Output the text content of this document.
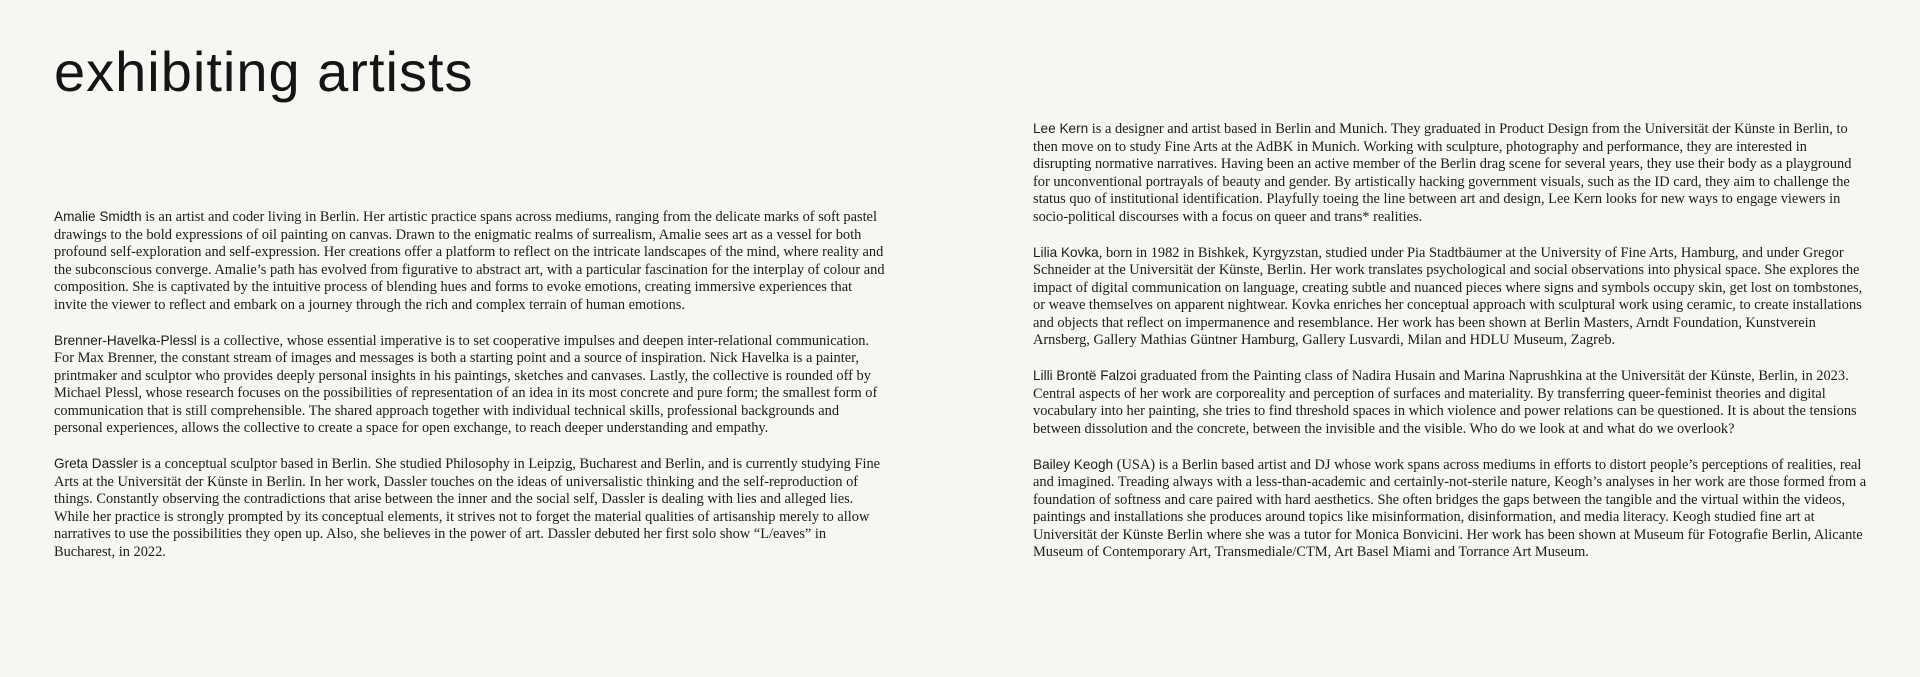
exhibiting artists

Amalie Smidth is an artist and coder living in Berlin. Her artistic practice spans across mediums, ranging from the delicate marks of soft pastel drawings to the bold expressions of oil painting on canvas. Drawn to the enigmatic realms of surrealism, Amalie sees art as a vessel for both profound self-exploration and self-expression. Her creations offer a platform to reflect on the intricate landscapes of the mind, where reality and the subconscious converge. Amalie’s path has evolved from figurative to abstract art, with a particular fascination for the interplay of colour and composition. She is captivated by the intuitive process of blending hues and forms to evoke emotions, creating immersive experiences that invite the viewer to reflect and embark on a journey through the rich and complex terrain of human emotions.

Brenner-Havelka-Plessl is a collective, whose essential imperative is to set cooperative impulses and deepen inter-relational communication. For Max Brenner, the constant stream of images and messages is both a starting point and a source of inspiration. Nick Havelka is a painter, printmaker and sculptor who provides deeply personal insights in his paintings, sketches and canvases. Lastly, the collective is rounded off by Michael Plessl, whose research focuses on the possibilities of representation of an idea in its most concrete and pure form; the smallest form of communication that is still comprehensible. The shared approach together with individual technical skills, professional backgrounds and personal experiences, allows the collective to create a space for open exchange, to reach deeper understanding and empathy.

Greta Dassler is a conceptual sculptor based in Berlin. She studied Philosophy in Leipzig, Bucharest and Berlin, and is currently studying Fine Arts at the Universität der Künste in Berlin. In her work, Dassler touches on the ideas of universalistic thinking and the self-reproduction of things. Constantly observing the contradictions that arise between the inner and the social self, Dassler is dealing with lies and alleged lies. While her practice is strongly prompted by its conceptual elements, it strives not to forget the material qualities of artisanship merely to allow narratives to use the possibilities they open up. Also, she believes in the power of art. Dassler debuted her first solo show “L/eaves” in Bucharest, in 2022.

Lee Kern is a designer and artist based in Berlin and Munich. They graduated in Product Design from the Universität der Künste in Berlin, to then move on to study Fine Arts at the AdBK in Munich. Working with sculpture, photography and performance, they are interested in disrupting normative narratives. Having been an active member of the Berlin drag scene for several years, they use their body as a playground for unconventional portrayals of beauty and gender. By artistically hacking government visuals, such as the ID card, they aim to challenge the status quo of institutional identification. Playfully toeing the line between art and design, Lee Kern looks for new ways to engage viewers in socio-political discourses with a focus on queer and trans* realities.

Lilia Kovka, born in 1982 in Bishkek, Kyrgyzstan, studied under Pia Stadtbäumer at the University of Fine Arts, Hamburg, and under Gregor Schneider at the Universität der Künste, Berlin. Her work translates psychological and social observations into physical space. She explores the impact of digital communication on language, creating subtle and nuanced pieces where signs and symbols occupy skin, get lost on tombstones, or weave themselves on apparent nightwear. Kovka enriches her conceptual approach with sculptural work using ceramic, to create installations and objects that reflect on impermanence and resemblance. Her work has been shown at Berlin Masters, Arndt Foundation, Kunstverein Arnsberg, Gallery Mathias Güntner Hamburg, Gallery Lusvardi, Milan and HDLU Museum, Zagreb.

Lilli Brontë Falzoi graduated from the Painting class of Nadira Husain and Marina Naprushkina at the Universität der Künste, Berlin, in 2023. Central aspects of her work are corporeality and perception of surfaces and materiality. By transferring queer-feminist theories and digital vocabulary into her painting, she tries to find threshold spaces in which violence and power relations can be questioned. It is about the tensions between dissolution and the concrete, between the invisible and the visible. Who do we look at and what do we overlook?

Bailey Keogh (USA) is a Berlin based artist and DJ whose work spans across mediums in efforts to distort people’s perceptions of realities, real and imagined. Treading always with a less-than-academic and certainly-not-sterile nature, Keogh’s analyses in her work are those formed from a foundation of softness and care paired with hard aesthetics. She often bridges the gaps between the tangible and the virtual within the videos, paintings and installations she produces around topics like misinformation, disinformation, and media literacy. Keogh studied fine art at Universität der Künste Berlin where she was a tutor for Monica Bonvicini. Her work has been shown at Museum für Fotografie Berlin, Alicante Museum of Contemporary Art, Transmediale/CTM, Art Basel Miami and Torrance Art Museum.
